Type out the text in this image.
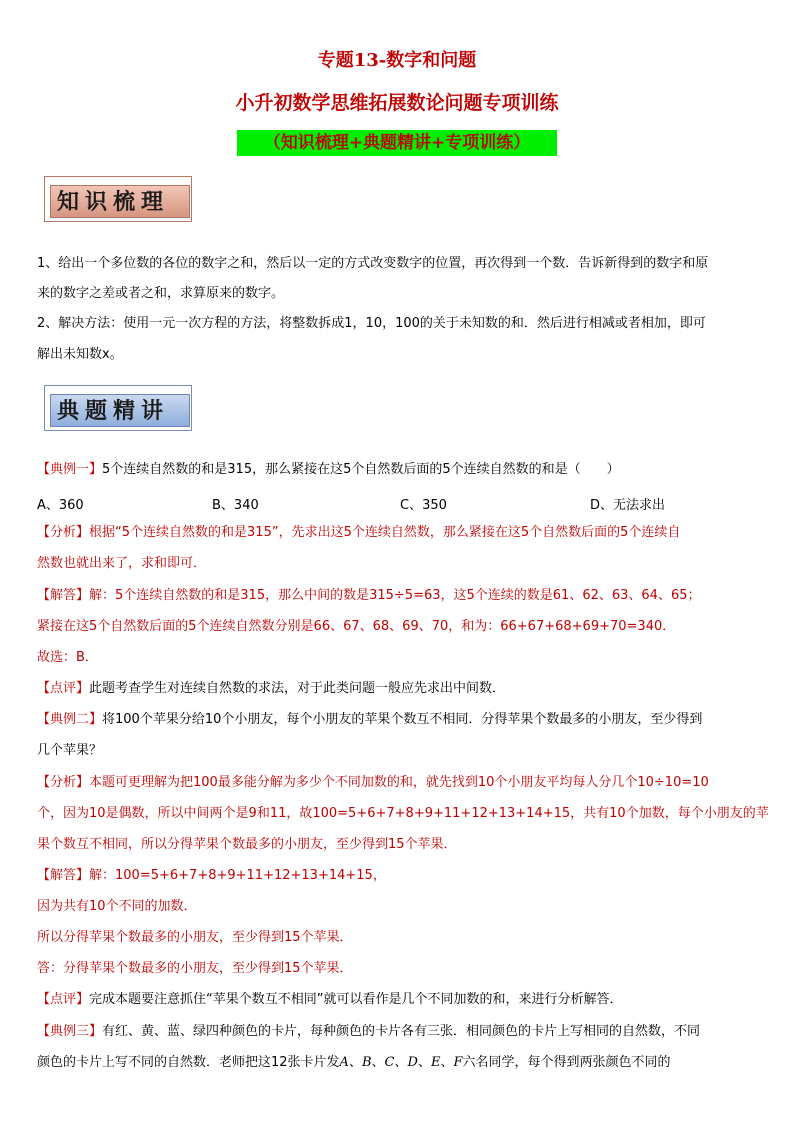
专题13-数字和问题
小升初数学思维拓展数论问题专项训练
（知识梳理+典题精讲+专项训练）
知识梳理
1、给出一个多位数的各位的数字之和，然后以一定的方式改变数字的位置，再次得到一个数．告诉新得到的数字和原
来的数字之差或者之和，求算原来的数字。
2、解决方法：使用一元一次方程的方法，将整数拆成1，10，100的关于未知数的和．然后进行相减或者相加，即可
解出未知数x。
典题精讲
【典例一】5个连续自然数的和是315，那么紧接在这5个自然数后面的5个连续自然数的和是（　　）
A、360	B、340	C、350	D、无法求出
【分析】根据“5个连续自然数的和是315”，先求出这5个连续自然数，那么紧接在这5个自然数后面的5个连续自
然数也就出来了，求和即可．
【解答】解：5个连续自然数的和是315，那么中间的数是315÷5=63，这5个连续的数是61、62、63、64、65；
紧接在这5个自然数后面的5个连续自然数分别是66、67、68、69、70，和为：66+67+68+69+70=340．
故选：B．
【点评】此题考查学生对连续自然数的求法，对于此类问题一般应先求出中间数．
【典例二】将100个苹果分给10个小朋友，每个小朋友的苹果个数互不相同．分得苹果个数最多的小朋友，至少得到
几个苹果？
【分析】本题可更理解为把100最多能分解为多少个不同加数的和，就先找到10个小朋友平均每人分几个10÷10=10
个，因为10是偶数，所以中间两个是9和11，故100=5+6+7+8+9+11+12+13+14+15，共有10个加数，每个小朋友的苹
果个数互不相同，所以分得苹果个数最多的小朋友，至少得到15个苹果．
【解答】解：100=5+6+7+8+9+11+12+13+14+15，
因为共有10个不同的加数．
所以分得苹果个数最多的小朋友，至少得到15个苹果．
答：分得苹果个数最多的小朋友，至少得到15个苹果．
【点评】完成本题要注意抓住“苹果个数互不相同”就可以看作是几个不同加数的和，来进行分析解答．
【典例三】有红、黄、蓝、绿四种颜色的卡片，每种颜色的卡片各有三张．相同颜色的卡片上写相同的自然数，不同
颜色的卡片上写不同的自然数．老师把这12张卡片发A、B、C、D、E、F六名同学，每个得到两张颜色不同的
